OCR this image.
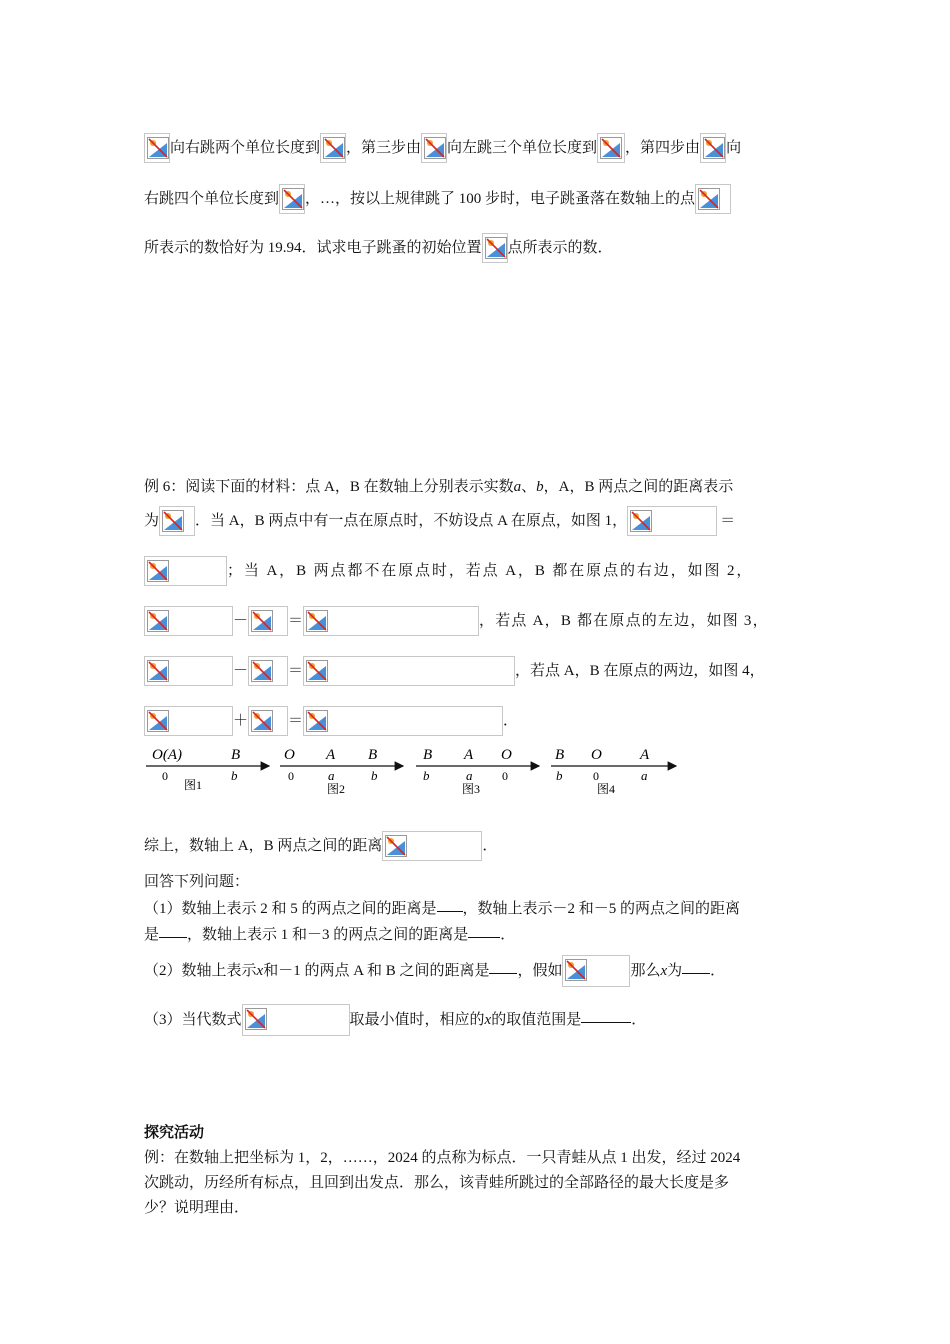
向右跳两个单位长度到 ，第三步由 向左跳三个单位长度到 ，第四步由 向
右跳四个单位长度到 ，…，按以上规律跳了 100 步时，电子跳蚤落在数轴上的点
所表示的数恰好为 19.94．试求电子跳蚤的初始位置 点所表示的数．
例 6：阅读下面的材料：点 A，B 在数轴上分别表示实数a、b，A，B 两点之间的距离表示
为 ．当 A，B 两点中有一点在原点时，不妨设点 A 在原点，如图 1，	＝
；当 A，B 两点都不在原点时，若点 A，B 都在原点的右边，如图 2，
－	＝	，若点 A，B 都在原点的左边，如图 3，
－	＝	，若点 A，B 在原点的两边，如图 4，
＋	＝	．
O(A)	B
0	b
图1
O A B
0	a	b
图2
B A O
b	a 0
图3
B O	A
b	0	a
图4
综上，数轴上 A，B 两点之间的距离	．
回答下列问题：
（1）数轴上表示 2 和 5 的两点之间的距离是 ，数轴上表示－2 和－5 的两点之间的距离
是 ，数轴上表示 1 和－3 的两点之间的距离是 ．
（2）数轴上表示x和－1 的两点 A 和 B 之间的距离是 ，假如	那么x为 ．
（3）当代数式	取最小值时，相应的x的取值范围是	．
探究活动
例：在数轴上把坐标为 1，2，……，2024 的点称为标点．一只青蛙从点 1 出发，经过 2024
次跳动，历经所有标点，且回到出发点．那么，该青蛙所跳过的全部路径的最大长度是多
少？说明理由．
